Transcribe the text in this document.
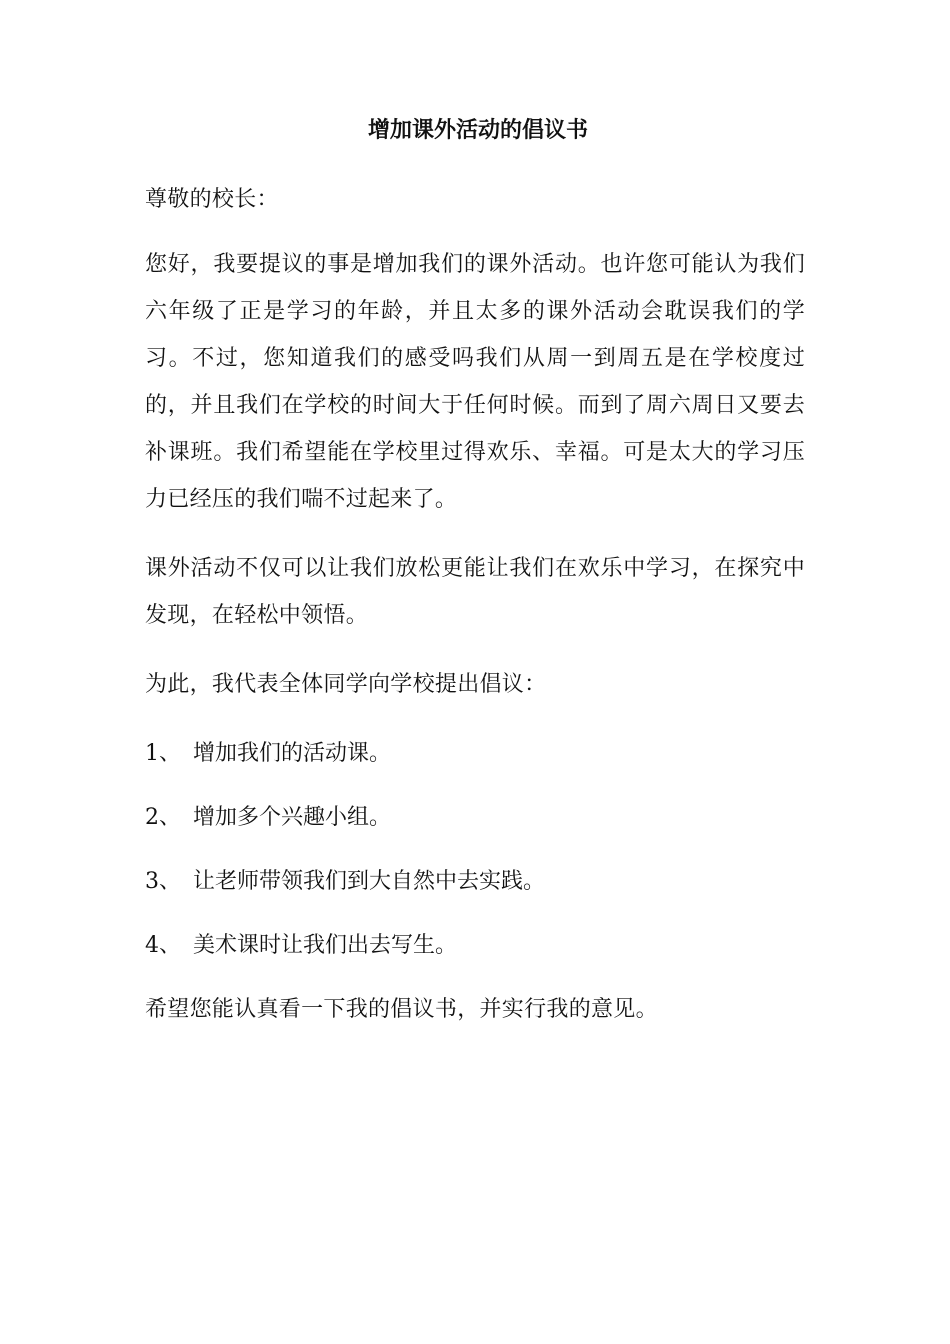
增加课外活动的倡议书

尊敬的校长：

您好，我要提议的事是增加我们的课外活动。也许您可能认为我们六年级了正是学习的年龄，并且太多的课外活动会耽误我们的学习。不过，您知道我们的感受吗我们从周一到周五是在学校度过的，并且我们在学校的时间大于任何时候。而到了周六周日又要去补课班。我们希望能在学校里过得欢乐、幸福。可是太大的学习压力已经压的我们喘不过起来了。

课外活动不仅可以让我们放松更能让我们在欢乐中学习，在探究中发现，在轻松中领悟。

为此，我代表全体同学向学校提出倡议：

1、 增加我们的活动课。
2、 增加多个兴趣小组。
3、 让老师带领我们到大自然中去实践。
4、 美术课时让我们出去写生。

希望您能认真看一下我的倡议书，并实行我的意见。
